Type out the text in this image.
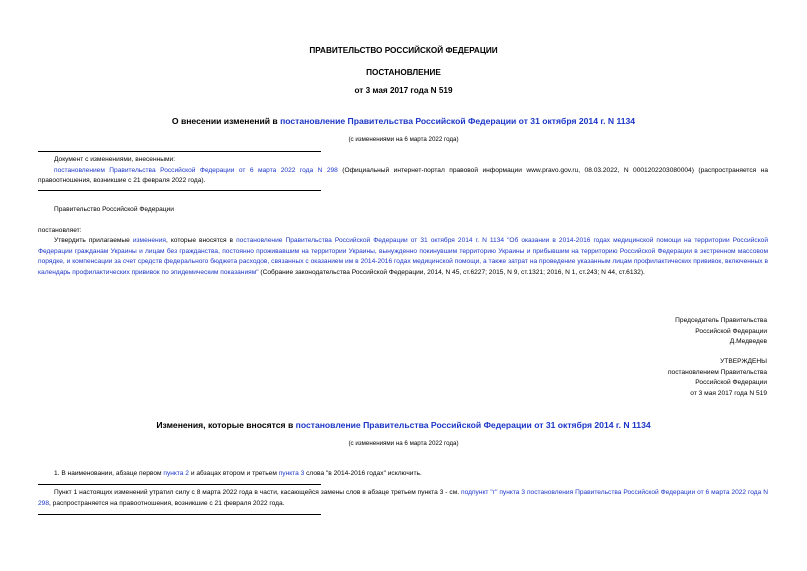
ПРАВИТЕЛЬСТВО РОССИЙСКОЙ ФЕДЕРАЦИИ
ПОСТАНОВЛЕНИЕ
от 3 мая 2017 года N 519
О внесении изменений в постановление Правительства Российской Федерации от 31 октября 2014 г. N 1134
(с изменениями на 6 марта 2022 года)
Документ с изменениями, внесенными:
постановлением Правительства Российской Федерации от 6 марта 2022 года N 298 (Официальный интернет-портал правовой информации www.pravo.gov.ru, 08.03.2022, N 0001202203080004) (распространяется на правоотношения, возникшие с 21 февраля 2022 года).
Правительство Российской Федерации
постановляет:
Утвердить прилагаемые изменения, которые вносятся в постановление Правительства Российской Федерации от 31 октября 2014 г. N 1134 "Об оказании в 2014-2016 годах медицинской помощи на территории Российской Федерации гражданам Украины и лицам без гражданства, постоянно проживавшим на территории Украины, вынужденно покинувшим территорию Украины и прибывшим на территорию Российской Федерации в экстренном массовом порядке, и компенсации за счет средств федерального бюджета расходов, связанных с оказанием им в 2014-2016 годах медицинской помощи, а также затрат на проведение указанным лицам профилактических прививок, включенных в календарь профилактических прививок по эпидемическим показаниям" (Собрание законодательства Российской Федерации, 2014, N 45, ст.6227; 2015, N 9, ст.1321; 2016, N 1, ст.243; N 44, ст.6132).
Председатель Правительства
Российской Федерации
Д.Медведев
УТВЕРЖДЕНЫ
постановлением Правительства
Российской Федерации
от 3 мая 2017 года N 519
Изменения, которые вносятся в постановление Правительства Российской Федерации от 31 октября 2014 г. N 1134
(с изменениями на 6 марта 2022 года)
1. В наименовании, абзаце первом пункта 2 и абзацах втором и третьем пункта 3 слова "в 2014-2016 годах" исключить.
Пункт 1 настоящих изменений утратил силу с 8 марта 2022 года в части, касающейся замены слов в абзаце третьем пункта 3 - см. подпункт "г" пункта 3 постановления Правительства Российской Федерации от 6 марта 2022 года N 298, распространяется на правоотношения, возникшие с 21 февраля 2022 года.
